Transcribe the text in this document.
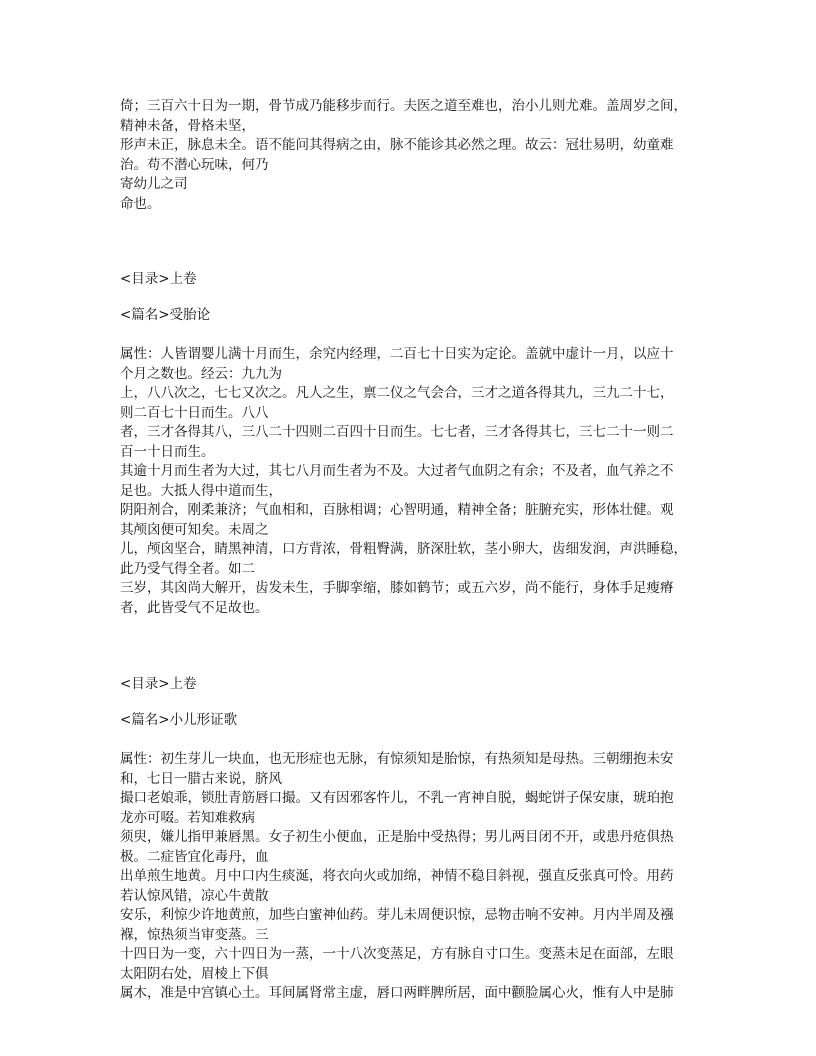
倚；三百六十日为一期，骨节成乃能移步而行。夫医之道至难也，治小儿则尤难。盖周岁之间，
精神未备，骨格未坚，
形声未正，脉息未全。语不能问其得病之由，脉不能诊其必然之理。故云：冠壮易明，幼童难
治。苟不潜心玩味，何乃
寄幼儿之司
命也。

<目录>上卷

<篇名>受胎论

属性：人皆谓婴儿满十月而生，余究内经理，二百七十日实为定论。盖就中虚计一月，以应十
个月之数也。经云：九九为
上，八八次之，七七又次之。凡人之生，禀二仪之气会合，三才之道各得其九，三九二十七，
则二百七十日而生。八八
者，三才各得其八，三八二十四则二百四十日而生。七七者，三才各得其七，三七二十一则二
百一十日而生。
其逾十月而生者为大过，其七八月而生者为不及。大过者气血阴之有余；不及者，血气养之不
足也。大抵人得中道而生，
阴阳剂合，刚柔兼济；气血相和，百脉相调；心智明通，精神全备；脏腑充实，形体壮健。观
其颅囟便可知矣。未周之
儿，颅囟坚合，睛黑神清，口方背浓，骨粗臀满，脐深肚软，茎小卵大，齿细发润，声洪睡稳，
此乃受气得全者。如二
三岁，其囟尚大解开，齿发未生，手脚挛缩，膝如鹤节；或五六岁，尚不能行，身体手足瘦瘠
者，此皆受气不足故也。

<目录>上卷

<篇名>小儿形证歌

属性：初生芽儿一块血，也无形症也无脉，有惊须知是胎惊，有热须知是母热。三朝绷抱未安
和，七日一腊古来说，脐风
撮口老娘乖，锁肚青筋唇口撮。又有因邪客忤儿，不乳一宵神自脱，蝎蛇饼子保安康，琥珀抱
龙亦可啜。若知难救病
须臾，嫌儿指甲兼唇黑。女子初生小便血，正是胎中受热得；男儿两目闭不开，或患丹疮俱热
极。二症皆宜化毒丹，血
出单煎生地黄。月中口内生痰涎，将衣向火或加绵，神情不稳目斜视，强直反张真可怜。用药
若认惊风错，凉心牛黄散
安乐，利惊少许地黄煎，加些白蜜神仙药。芽儿未周便识惊，忌物击响不安神。月内半周及襁
褓，惊热须当审变蒸。三
十四日为一变，六十四日为一蒸，一十八次变蒸足，方有脉自寸口生。变蒸未足在面部，左眼
太阳阴右处，眉棱上下俱
属木，准是中宫镇心土。耳间属肾常主虚，唇口两畔脾所居，面中颧脸属心火，惟有人中是肺
